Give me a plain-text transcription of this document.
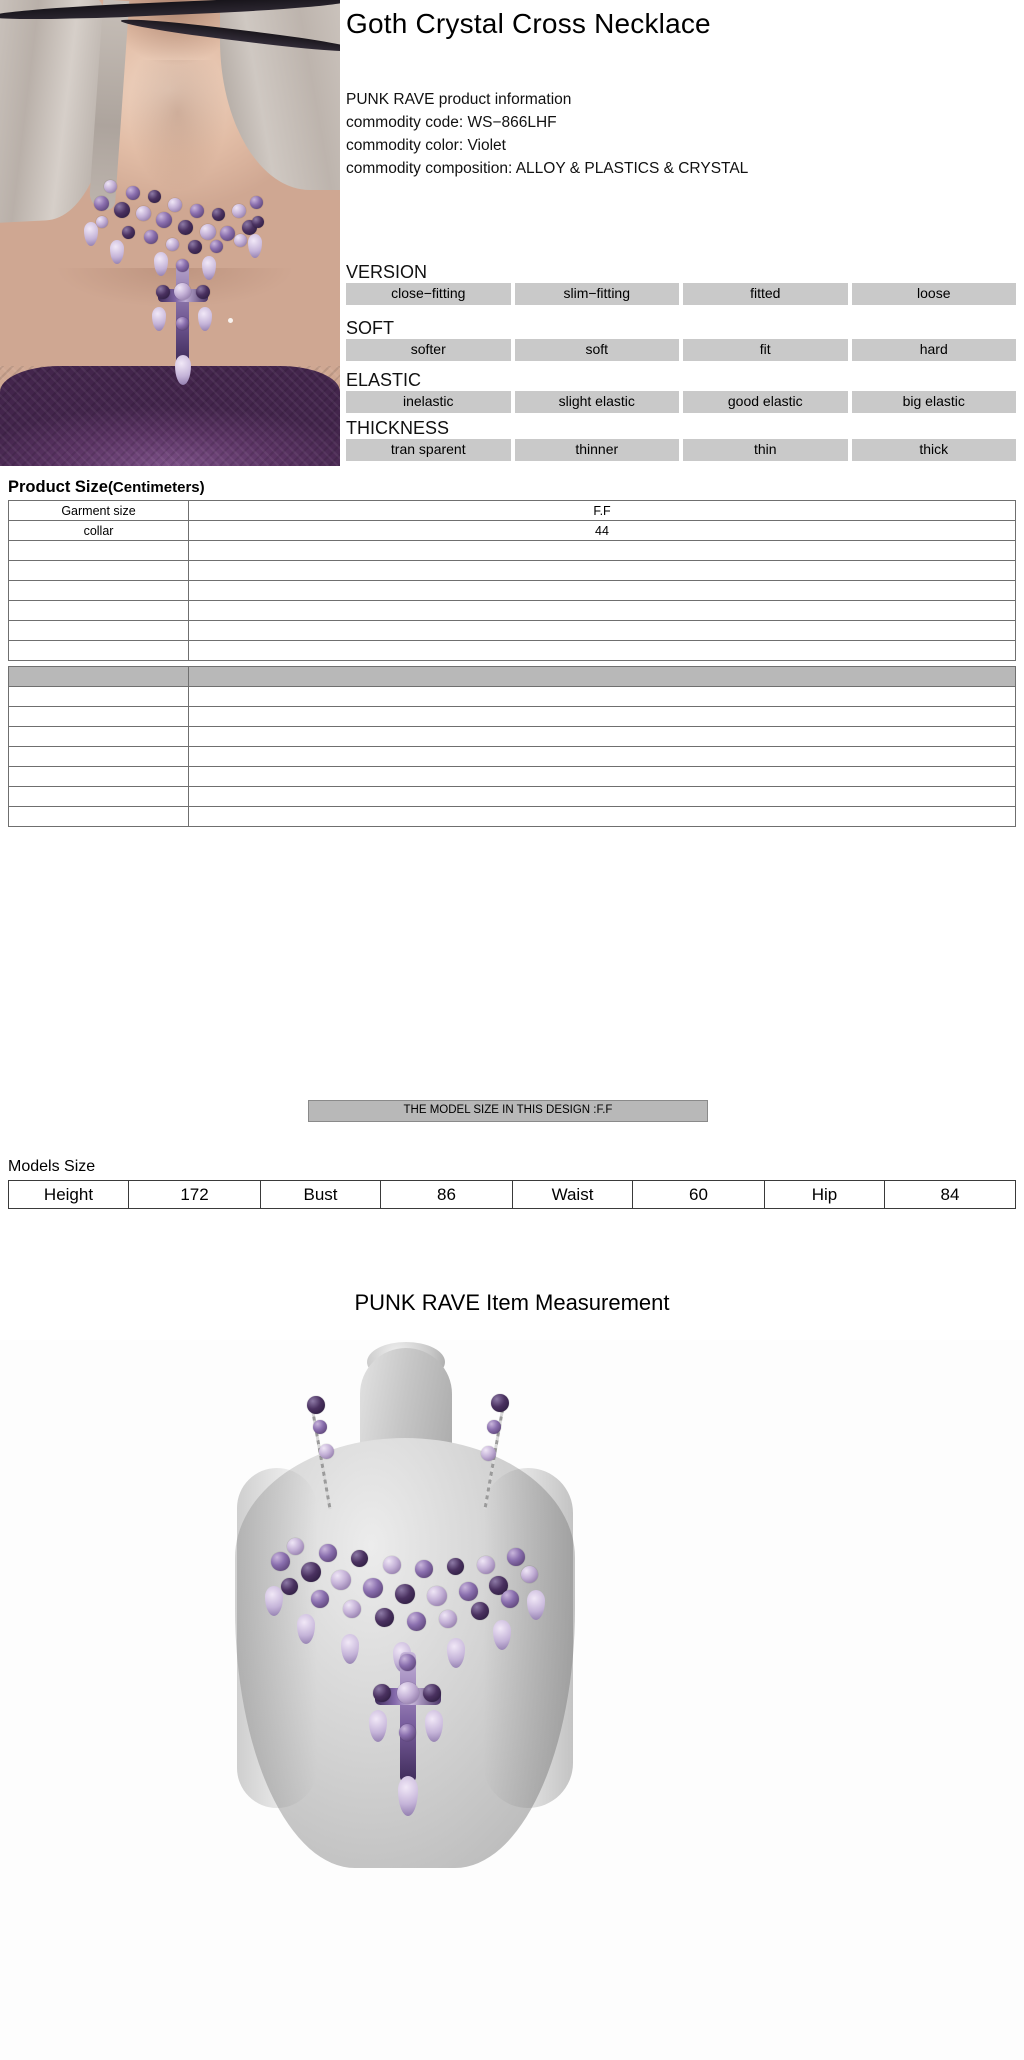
Goth Crystal Cross Necklace
PUNK RAVE product information
commodity code: WS−866LHF
commodity color: Violet
commodity composition: ALLOY & PLASTICS & CRYSTAL
VERSION
close−fitting	slim−fitting	fitted	loose
SOFT
softer	soft	fit	hard
ELASTIC
inelastic	slight elastic	good elastic	big elastic
THICKNESS
tran sparent	thinner	thin	thick
Product Size(Centimeters)
Garment size	F.F
collar	44

THE MODEL SIZE IN THIS DESIGN :F.F
Models Size
Height	172	Bust	86	Waist	60	Hip	84
PUNK RAVE Item Measurement
